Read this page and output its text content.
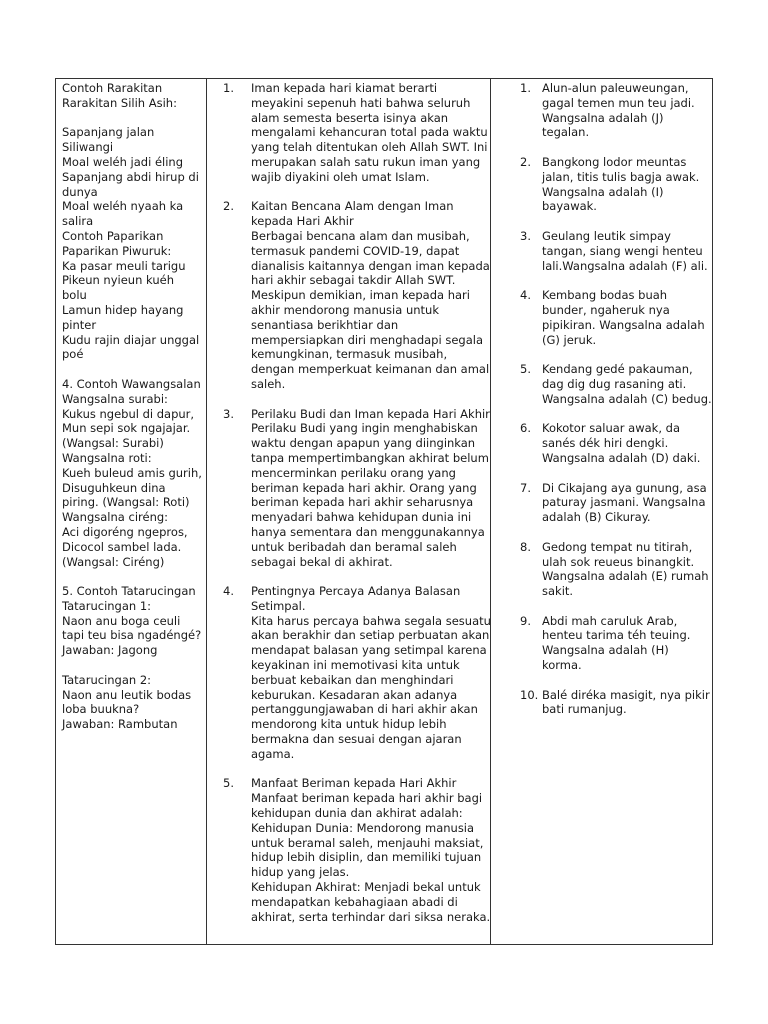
Contoh Rarakitan
Rarakitan Silih Asih:
Sapanjang jalan
Siliwangi
Moal weléh jadi éling
Sapanjang abdi hirup di
dunya
Moal weléh nyaah ka
salira
Contoh Paparikan
Paparikan Piwuruk:
Ka pasar meuli tarigu
Pikeun nyieun kuéh
bolu
Lamun hidep hayang
pinter
Kudu rajin diajar unggal
poé
4. Contoh Wawangsalan
Wangsalna surabi:
Kukus ngebul di dapur,
Mun sepi sok ngajajar.
(Wangsal: Surabi)
Wangsalna roti:
Kueh buleud amis gurih,
Disuguhkeun dina
piring. (Wangsal: Roti)
Wangsalna ciréng:
Aci digoréng ngepros,
Dicocol sambel lada.
(Wangsal: Ciréng)
5. Contoh Tatarucingan
Tatarucingan 1:
Naon anu boga ceuli
tapi teu bisa ngadéngé?
Jawaban: Jagong
Tatarucingan 2:
Naon anu leutik bodas
loba buukna?
Jawaban: Rambutan
1. Iman kepada hari kiamat berarti
meyakini sepenuh hati bahwa seluruh
alam semesta beserta isinya akan
mengalami kehancuran total pada waktu
yang telah ditentukan oleh Allah SWT. Ini
merupakan salah satu rukun iman yang
wajib diyakini oleh umat Islam.
2. Kaitan Bencana Alam dengan Iman
kepada Hari Akhir
Berbagai bencana alam dan musibah,
termasuk pandemi COVID-19, dapat
dianalisis kaitannya dengan iman kepada
hari akhir sebagai takdir Allah SWT.
Meskipun demikian, iman kepada hari
akhir mendorong manusia untuk
senantiasa berikhtiar dan
mempersiapkan diri menghadapi segala
kemungkinan, termasuk musibah,
dengan memperkuat keimanan dan amal
saleh.
3. Perilaku Budi dan Iman kepada Hari Akhir
Perilaku Budi yang ingin menghabiskan
waktu dengan apapun yang diinginkan
tanpa mempertimbangkan akhirat belum
mencerminkan perilaku orang yang
beriman kepada hari akhir. Orang yang
beriman kepada hari akhir seharusnya
menyadari bahwa kehidupan dunia ini
hanya sementara dan menggunakannya
untuk beribadah dan beramal saleh
sebagai bekal di akhirat.
4. Pentingnya Percaya Adanya Balasan
Setimpal.
Kita harus percaya bahwa segala sesuatu
akan berakhir dan setiap perbuatan akan
mendapat balasan yang setimpal karena
keyakinan ini memotivasi kita untuk
berbuat kebaikan dan menghindari
keburukan. Kesadaran akan adanya
pertanggungjawaban di hari akhir akan
mendorong kita untuk hidup lebih
bermakna dan sesuai dengan ajaran
agama.
5. Manfaat Beriman kepada Hari Akhir
Manfaat beriman kepada hari akhir bagi
kehidupan dunia dan akhirat adalah:
Kehidupan Dunia: Mendorong manusia
untuk beramal saleh, menjauhi maksiat,
hidup lebih disiplin, dan memiliki tujuan
hidup yang jelas.
Kehidupan Akhirat: Menjadi bekal untuk
mendapatkan kebahagiaan abadi di
akhirat, serta terhindar dari siksa neraka.
1. Alun-alun paleuweungan,
gagal temen mun teu jadi.
Wangsalna adalah (J)
tegalan.
2. Bangkong lodor meuntas
jalan, titis tulis bagja awak.
Wangsalna adalah (I)
bayawak.
3. Geulang leutik simpay
tangan, siang wengi henteu
lali.Wangsalna adalah (F) ali.
4. Kembang bodas buah
bunder, ngaheruk nya
pipikiran. Wangsalna adalah
(G) jeruk.
5. Kendang gedé pakauman,
dag dig dug rasaning ati.
Wangsalna adalah (C) bedug.
6. Kokotor saluar awak, da
sanés dék hiri dengki.
Wangsalna adalah (D) daki.
7. Di Cikajang aya gunung, asa
paturay jasmani. Wangsalna
adalah (B) Cikuray.
8. Gedong tempat nu titirah,
ulah sok reueus binangkit.
Wangsalna adalah (E) rumah
sakit.
9. Abdi mah caruluk Arab,
henteu tarima téh teuing.
Wangsalna adalah (H)
korma.
10. Balé diréka masigit, nya pikir
bati rumanjug.
